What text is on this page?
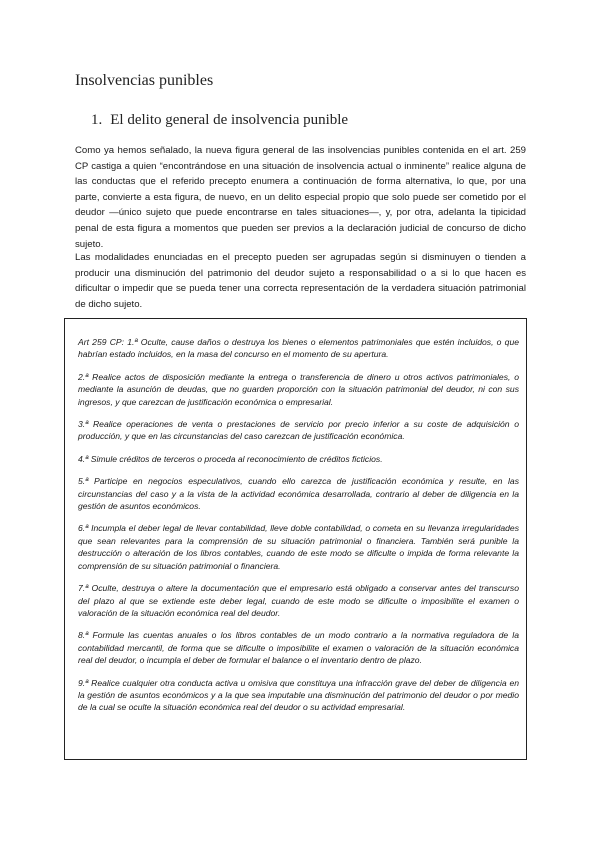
Insolvencias punibles
1. El delito general de insolvencia punible

Como ya hemos señalado, la nueva figura general de las insolvencias punibles contenida en el art. 259 CP castiga a quien “encontrándose en una situación de insolvencia actual o inminente” realice alguna de las conductas que el referido precepto enumera a continuación de forma alternativa, lo que, por una parte, convierte a esta figura, de nuevo, en un delito especial propio que solo puede ser cometido por el deudor —único sujeto que puede encontrarse en tales situaciones—, y, por otra, adelanta la tipicidad penal de esta figura a momentos que pueden ser previos a la declaración judicial de concurso de dicho sujeto.

Las modalidades enunciadas en el precepto pueden ser agrupadas según si disminuyen o tienden a producir una disminución del patrimonio del deudor sujeto a responsabilidad o a si lo que hacen es dificultar o impedir que se pueda tener una correcta representación de la verdadera situación patrimonial de dicho sujeto.

Art 259 CP: 1.ª Oculte, cause daños o destruya los bienes o elementos patrimoniales que estén incluidos, o que habrían estado incluidos, en la masa del concurso en el momento de su apertura.

2.ª Realice actos de disposición mediante la entrega o transferencia de dinero u otros activos patrimoniales, o mediante la asunción de deudas, que no guarden proporción con la situación patrimonial del deudor, ni con sus ingresos, y que carezcan de justificación económica o empresarial.

3.ª Realice operaciones de venta o prestaciones de servicio por precio inferior a su coste de adquisición o producción, y que en las circunstancias del caso carezcan de justificación económica.

4.ª Simule créditos de terceros o proceda al reconocimiento de créditos ficticios.

5.ª Participe en negocios especulativos, cuando ello carezca de justificación económica y resulte, en las circunstancias del caso y a la vista de la actividad económica desarrollada, contrario al deber de diligencia en la gestión de asuntos económicos.

6.ª Incumpla el deber legal de llevar contabilidad, lleve doble contabilidad, o cometa en su llevanza irregularidades que sean relevantes para la comprensión de su situación patrimonial o financiera. También será punible la destrucción o alteración de los libros contables, cuando de este modo se dificulte o impida de forma relevante la comprensión de su situación patrimonial o financiera.

7.ª Oculte, destruya o altere la documentación que el empresario está obligado a conservar antes del transcurso del plazo al que se extiende este deber legal, cuando de este modo se dificulte o imposibilite el examen o valoración de la situación económica real del deudor.

8.ª Formule las cuentas anuales o los libros contables de un modo contrario a la normativa reguladora de la contabilidad mercantil, de forma que se dificulte o imposibilite el examen o valoración de la situación económica real del deudor, o incumpla el deber de formular el balance o el inventario dentro de plazo.

9.ª Realice cualquier otra conducta activa u omisiva que constituya una infracción grave del deber de diligencia en la gestión de asuntos económicos y a la que sea imputable una disminución del patrimonio del deudor o por medio de la cual se oculte la situación económica real del deudor o su actividad empresarial.
